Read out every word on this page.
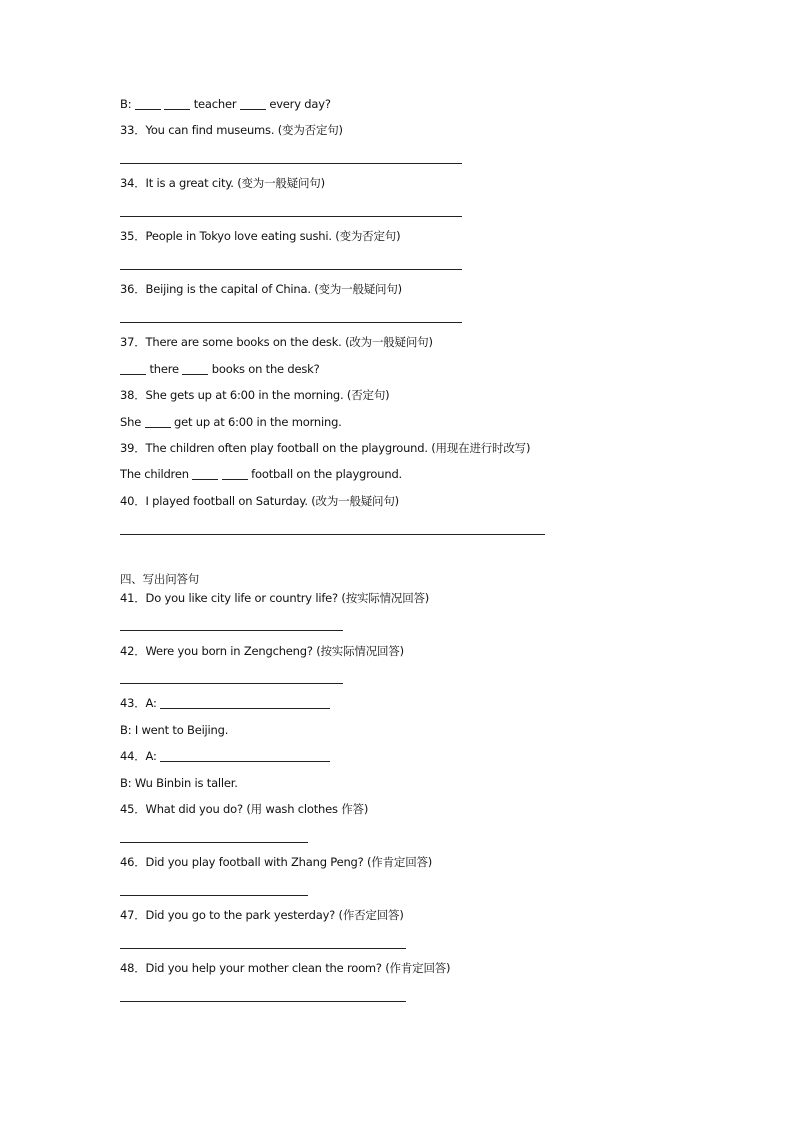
B:	teacher  every day?
33．You can find museums. (变为否定句)
34．It is a great city. (变为一般疑问句)
35．People in Tokyo love eating sushi. (变为否定句)
36．Beijing is the capital of China. (变为一般疑问句)
37．There are some books on the desk. (改为一般疑问句)
there  books on the desk?
38．She gets up at 6:00 in the morning. (否定句)
She  get up at 6:00 in the morning.
39．The children often play football on the playground. (用现在进行时改写)
The children	football on the playground.
40．I played football on Saturday. (改为一般疑问句)
四、写出问答句
41．Do you like city life or country life? (按实际情况回答)
42．Were you born in Zengcheng? (按实际情况回答)
43．A:
B: I went to Beijing.
44．A:
B: Wu Binbin is taller.
45．What did you do? (用 wash clothes 作答)
46．Did you play football with Zhang Peng? (作肯定回答)
47．Did you go to the park yesterday? (作否定回答)
48．Did you help your mother clean the room? (作肯定回答)
